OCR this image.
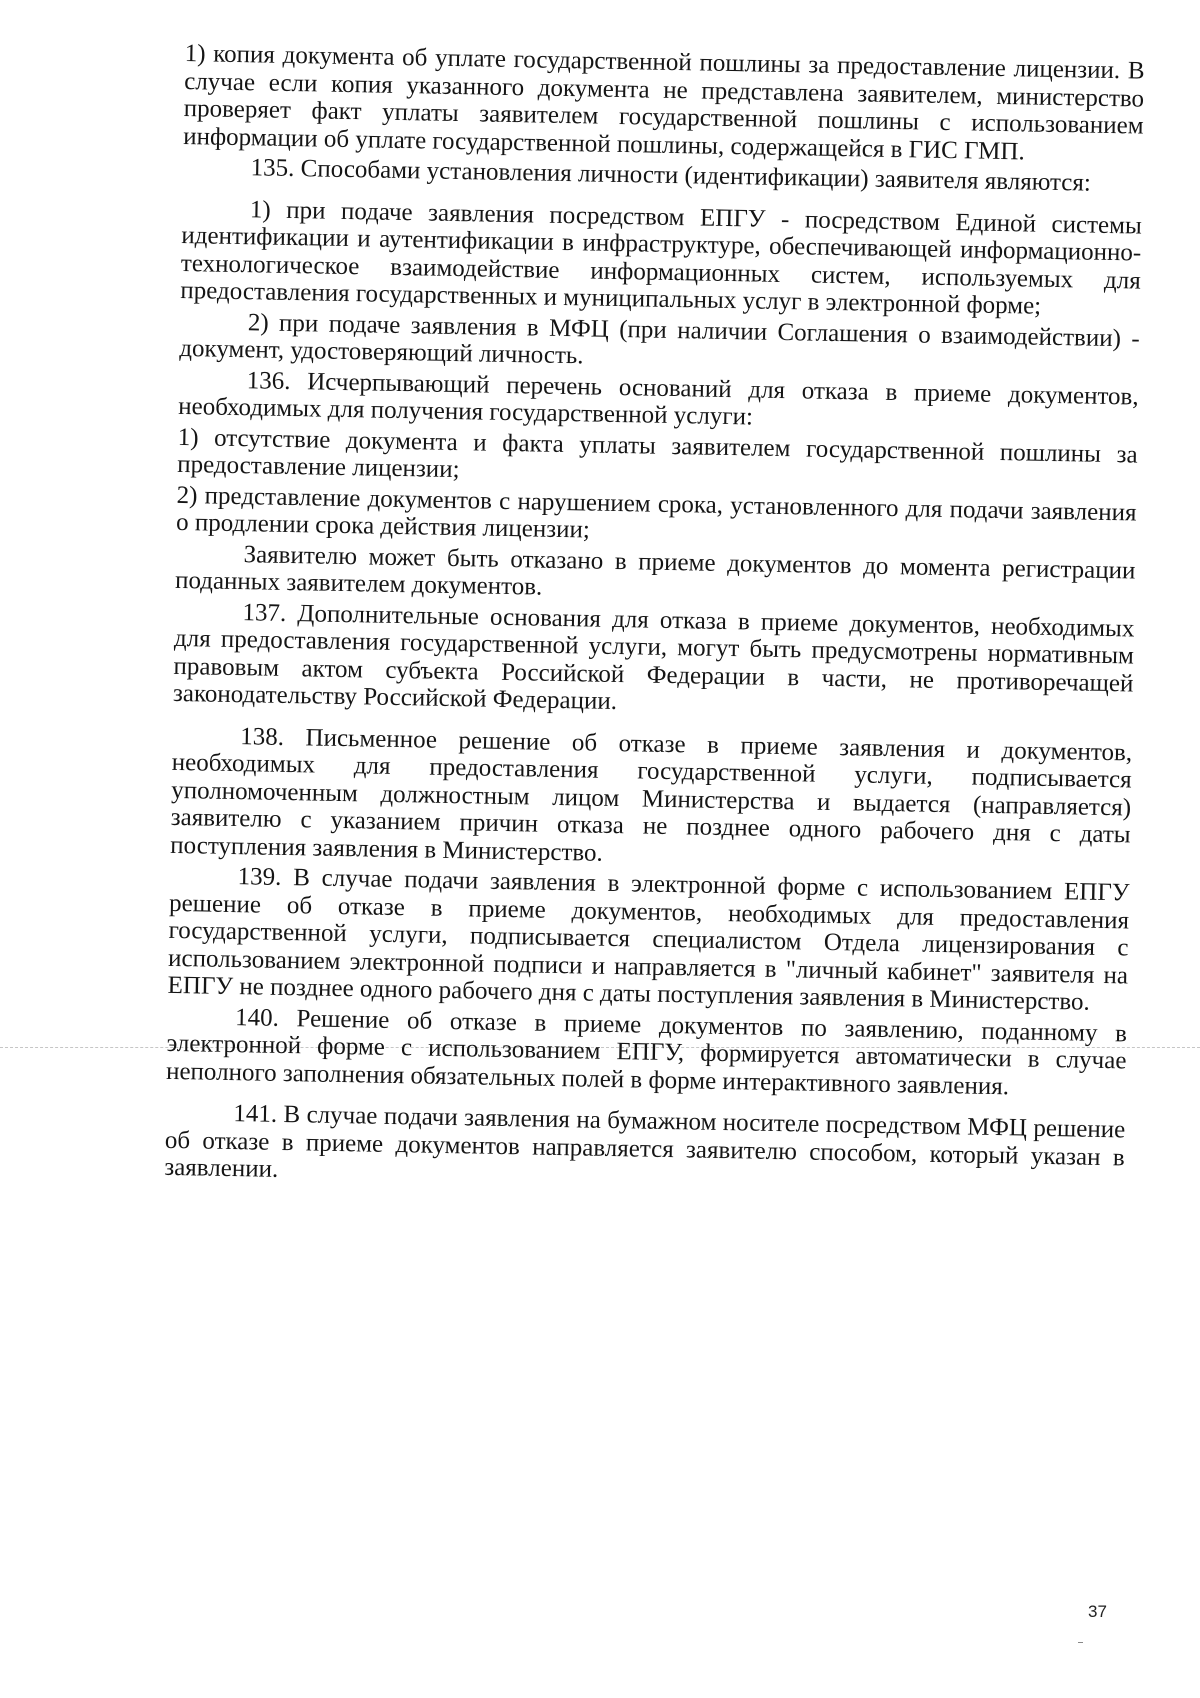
1) копия документа об уплате государственной пошлины за предоставление лицензии. В случае если копия указанного документа не представлена заявителем, министерство проверяет факт уплаты заявителем государственной пошлины с использованием информации об уплате государственной пошлины, содержащейся в ГИС ГМП.

135. Способами установления личности (идентификации) заявителя являются:

1) при подаче заявления посредством ЕПГУ - посредством Единой системы идентификации и аутентификации в инфраструктуре, обеспечивающей информационно-технологическое взаимодействие информационных систем, используемых для предоставления государственных и муниципальных услуг в электронной форме;

2) при подаче заявления в МФЦ (при наличии Соглашения о взаимодействии) - документ, удостоверяющий личность.

136. Исчерпывающий перечень оснований для отказа в приеме документов, необходимых для получения государственной услуги:

1) отсутствие документа и факта уплаты заявителем государственной пошлины за предоставление лицензии;

2) представление документов с нарушением срока, установленного для подачи заявления о продлении срока действия лицензии;

Заявителю может быть отказано в приеме документов до момента регистрации поданных заявителем документов.

137. Дополнительные основания для отказа в приеме документов, необходимых для предоставления государственной услуги, могут быть предусмотрены нормативным правовым актом субъекта Российской Федерации в части, не противоречащей законодательству Российской Федерации.

138. Письменное решение об отказе в приеме заявления и документов, необходимых для предоставления государственной услуги, подписывается уполномоченным должностным лицом Министерства и выдается (направляется) заявителю с указанием причин отказа не позднее одного рабочего дня с даты поступления заявления в Министерство.

139. В случае подачи заявления в электронной форме с использованием ЕПГУ решение об отказе в приеме документов, необходимых для предоставления государственной услуги, подписывается специалистом Отдела лицензирования с использованием электронной подписи и направляется в "личный кабинет" заявителя на ЕПГУ не позднее одного рабочего дня с даты поступления заявления в Министерство.

140. Решение об отказе в приеме документов по заявлению, поданному в электронной форме с использованием ЕПГУ, формируется автоматически в случае неполного заполнения обязательных полей в форме интерактивного заявления.

141. В случае подачи заявления на бумажном носителе посредством МФЦ решение об отказе в приеме документов направляется заявителю способом, который указан в заявлении.

37
